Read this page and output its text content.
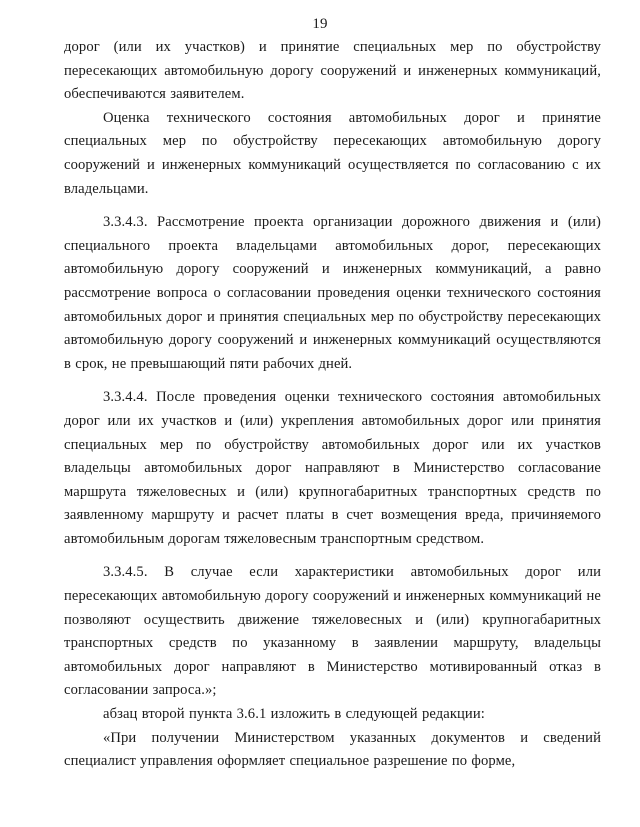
19

дорог (или их участков) и принятие специальных мер по обустройству пересекающих автомобильную дорогу сооружений и инженерных коммуникаций, обеспечиваются заявителем.

Оценка технического состояния автомобильных дорог и принятие специальных мер по обустройству пересекающих автомобильную дорогу сооружений и инженерных коммуникаций осуществляется по согласованию с их владельцами.

3.3.4.3. Рассмотрение проекта организации дорожного движения и (или) специального проекта владельцами автомобильных дорог, пересекающих автомобильную дорогу сооружений и инженерных коммуникаций, а равно рассмотрение вопроса о согласовании проведения оценки технического состояния автомобильных дорог и принятия специальных мер по обустройству пересекающих автомобильную дорогу сооружений и инженерных коммуникаций осуществляются в срок, не превышающий пяти рабочих дней.

3.3.4.4. После проведения оценки технического состояния автомобильных дорог или их участков и (или) укрепления автомобильных дорог или принятия специальных мер по обустройству автомобильных дорог или их участков владельцы автомобильных дорог направляют в Министерство согласование маршрута тяжеловесных и (или) крупногабаритных транспортных средств по заявленному маршруту и расчет платы в счет возмещения вреда, причиняемого автомобильным дорогам тяжеловесным транспортным средством.

3.3.4.5. В случае если характеристики автомобильных дорог или пересекающих автомобильную дорогу сооружений и инженерных коммуникаций не позволяют осуществить движение тяжеловесных и (или) крупногабаритных транспортных средств по указанному в заявлении маршруту, владельцы автомобильных дорог направляют в Министерство мотивированный отказ в согласовании запроса.»;

абзац второй пункта 3.6.1 изложить в следующей редакции:

«При получении Министерством указанных документов и сведений специалист управления оформляет специальное разрешение по форме,
